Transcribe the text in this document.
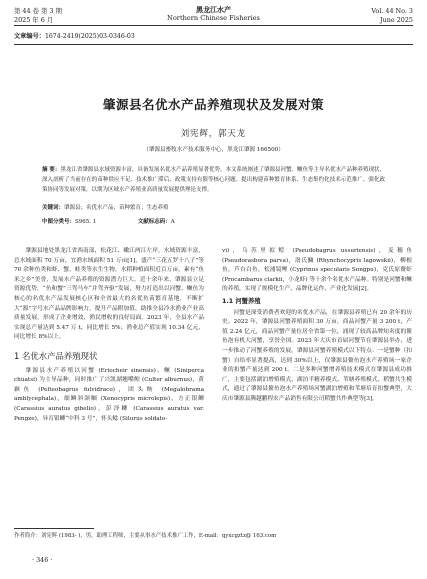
第 44 卷 第 3 期
2025 年 6 月
黑龙江水产
Northern Chinese Fisheries
Vol. 44 No. 3
June 2025
文章编号：1674-2419(2025)03-0346-03
肇源县名优水产品养殖现状及发展对策
刘宪辉，郭天龙
（肇源县畜牧水产技术服务中心，黑龙江肇源 166500）
摘 要：黑龙江省肇源县水域资源丰富，具备发展名优水产品养殖显著优势。本文系统阐述了肇源县河蟹、鳜鱼等主导名优水产品种养殖现状，深入剖析了当前存在的苗种供应不足、技术推广滞后、政策支持有限等核心问题。提出构建苗种繁育体系、生态集约化技术示范推广、强化政策协同等发展对策，以期为区域水产养殖业高质量发展提供理论支撑。
关键词：肇源县；名优水产品；苗种繁育；生态养殖
中图分类号：S965. 1	文献标志码：A

肇源县地处黑龙江省西南部，松花江、嫩江两江左岸，水域资源丰富，总水域面积 70 万亩，宜渔水域面积 51 万亩[1]，盛产“三花五罗十八子”等 70 余种鱼类和虾、蟹、蛙类等水生生物，水稻种植面积近百万亩，素有“鱼米之乡”美誉，发展水产品养殖的资源潜力巨大。近十余年来，肇源县立足资源优势，“鱼和蟹”三驾马车“并驾齐驱”发展，努力打造出以河蟹、鳜鱼为核心的名优水产品发展核心区和全省最大的名优鱼苗繁育基地，不断扩大“源”字号水产品品牌影响力，提升产品附加值，助推全县冷水渔业产业高质量发展，形成了企业增效、渔民增收的良好局面。2023 年，全县水产品实现总产量达到 5.47 万 t，同比增长 5%；渔业总产值实现 10.34 亿元，同比增长 8%以上。

1 名优水产品养殖现状

肇源县水产养殖以河蟹 (Eriocheir sinensis)、鳜 (Siniperca chuatsi) 为主导品种，同时推广了兴凯湖翘嘴鲌 (Culter alburnus)，黄颡鱼 (Pelteobagrus fulvidraco)，团头鲂 (Megalobrama amblycephala)，细鳞斜颌鲴 (Xenocypris microlepis)，方正银鲫 (Carassius auratus gibelio)，彭泽鲫 (Carassius auratus var. Pengze)，异育银鲫“中科 3 号”，怀头鲶 (Silurus soldato-

vi)，乌苏里拟鲿 (Pseudobagrus ussuriensis)，麦穗鱼 (Pseudorasbora parva)，洛氏鱥 (Rhynchocypris lagowskii)，柳根鱼，芦台白鱼，松浦镜鲤 (Cyprinus specularis Songpu)，克氏原鳌虾 (Procambarus clarkii，小龙虾) 等十余个名优水产品种。特别是河蟹和鳜的养殖，实现了规模化生产、品牌化运作、产业化发展[2]。

1.1 河蟹养殖

河蟹是深受消费者欢迎的名优水产品，在肇源县养殖已有 20 余年的历史。2022 年，肇源县河蟹养殖面积 30 万亩，商品河蟹产量 3 200 t，产值 2.24 亿元，商品河蟹产量位居全省第一位，涌现了较高品牌知名度的鳌鱼泡有机大河蟹，享誉全国。2023 年大庆市首届河蟹节在肇源县举办，进一步推动了河蟹养殖的发展。肇源县河蟹养殖模式以下特点：一是蟹种（扣蟹）自给率显著提高，达到 30%以上，仅肇源县鳌鱼泡水产养殖场一家企业的扣蟹产量达到 200 t。二是多种河蟹增养殖技术模式在肇源县成功推广，主要包括湖泊增殖模式、湖泊半精养模式、苇塘养殖模式、稻蟹共生模式，通过了肇源县鳌鱼泡水产养殖场河蟹湖泊增殖和苇塘培育扣蟹典型，大庆市肇源县腾越鹏程农产品销售有限公司稻蟹共作典型等[3]。

作者简介：刘宪辉 (1983- )，男，助理工程师，主要从事水产技术推广工作，E-mail：qyxcgztz@ 163.com
· 346 ·
